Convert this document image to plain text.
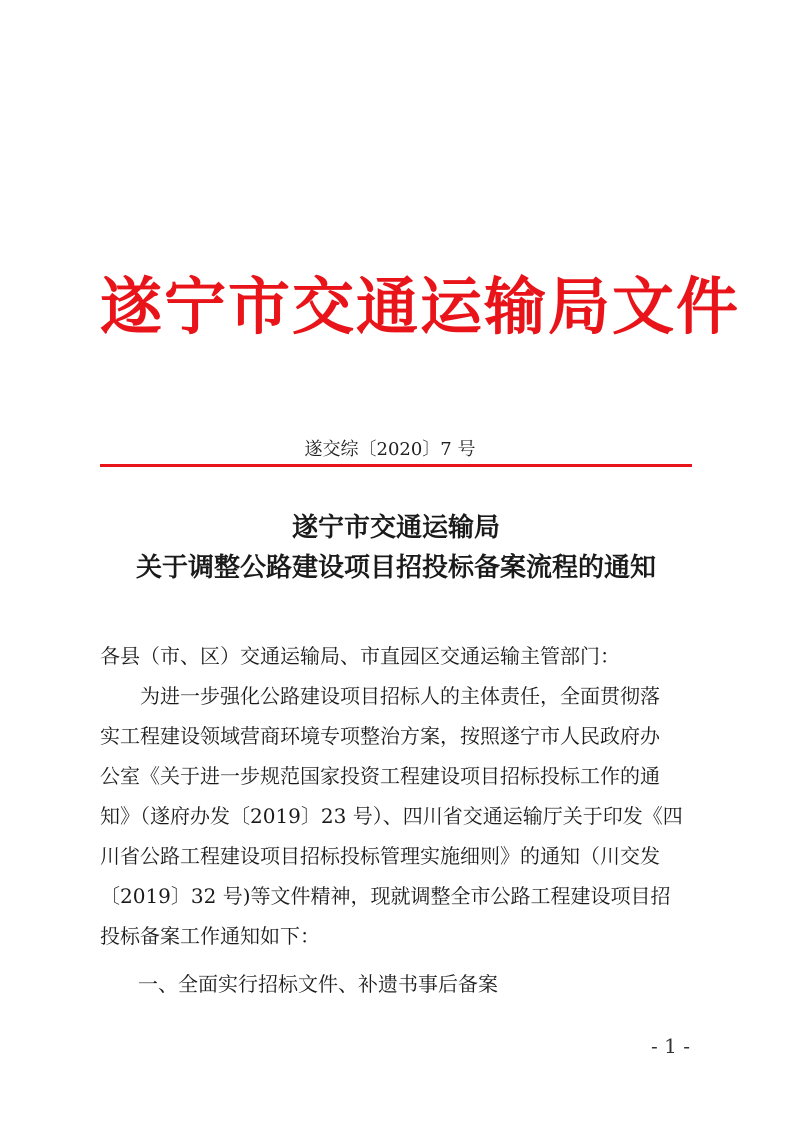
遂宁市交通运输局文件
遂交综〔2020〕7 号
遂宁市交通运输局
关于调整公路建设项目招投标备案流程的通知
各县（市、区）交通运输局、市直园区交通运输主管部门：
为进一步强化公路建设项目招标人的主体责任，全面贯彻落
实工程建设领域营商环境专项整治方案，按照遂宁市人民政府办
公室《关于进一步规范国家投资工程建设项目招标投标工作的通
知》（遂府办发〔2019〕23 号）、四川省交通运输厅关于印发《四
川省公路工程建设项目招标投标管理实施细则》的通知（川交发
〔2019〕32 号)等文件精神，现就调整全市公路工程建设项目招
投标备案工作通知如下：
一、全面实行招标文件、补遗书事后备案
- 1 -
